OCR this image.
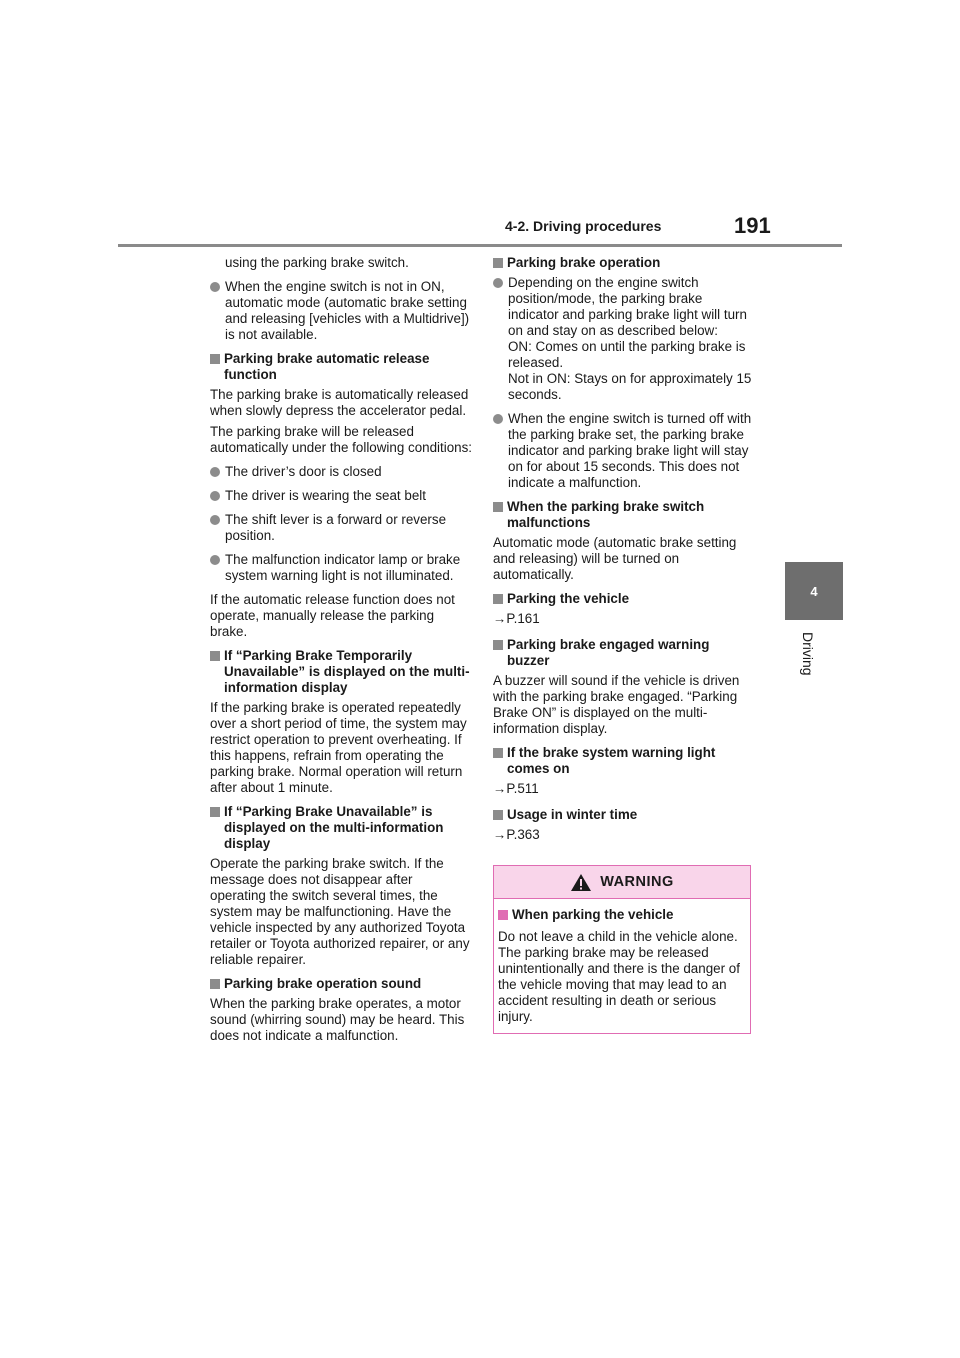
4-2. Driving procedures	191
4
Driving

using the parking brake switch.

When the engine switch is not in ON, automatic mode (automatic brake setting and releasing [vehicles with a Multidrive]) is not available.
Parking brake automatic release function

The parking brake is automatically released when slowly depress the accelerator pedal.

The parking brake will be released automatically under the following conditions:

The driver’s door is closed
The driver is wearing the seat belt
The shift lever is a forward or reverse position.
The malfunction indicator lamp or brake system warning light is not illuminated.

If the automatic release function does not operate, manually release the parking brake.

If “Parking Brake Temporarily Unavailable” is displayed on the multi-information display

If the parking brake is operated repeatedly over a short period of time, the system may restrict operation to prevent overheating. If this happens, refrain from operating the parking brake. Normal operation will return after about 1 minute.

If “Parking Brake Unavailable” is displayed on the multi-information display

Operate the parking brake switch. If the message does not disappear after operating the switch several times, the system may be malfunctioning. Have the vehicle inspected by any authorized Toyota retailer or Toyota authorized repairer, or any reliable repairer.

Parking brake operation sound

When the parking brake operates, a motor sound (whirring sound) may be heard. This does not indicate a malfunction.

Parking brake operation
Depending on the engine switch position/mode, the parking brake indicator and parking brake light will turn on and stay on as described below:
ON: Comes on until the parking brake is released.
Not in ON: Stays on for approximately 15 seconds.
When the engine switch is turned off with the parking brake set, the parking brake indicator and parking brake light will stay on for about 15 seconds. This does not indicate a malfunction.
When the parking brake switch malfunctions

Automatic mode (automatic brake setting and releasing) will be turned on automatically.

Parking the vehicle

→P.161

Parking brake engaged warning buzzer

A buzzer will sound if the vehicle is driven with the parking brake engaged. “Parking Brake ON” is displayed on the multi-information display.

If the brake system warning light comes on

→P.511

Usage in winter time

→P.363

WARNING
When parking the vehicle

Do not leave a child in the vehicle alone. The parking brake may be released unintentionally and there is the danger of the vehicle moving that may lead to an accident resulting in death or serious injury.
